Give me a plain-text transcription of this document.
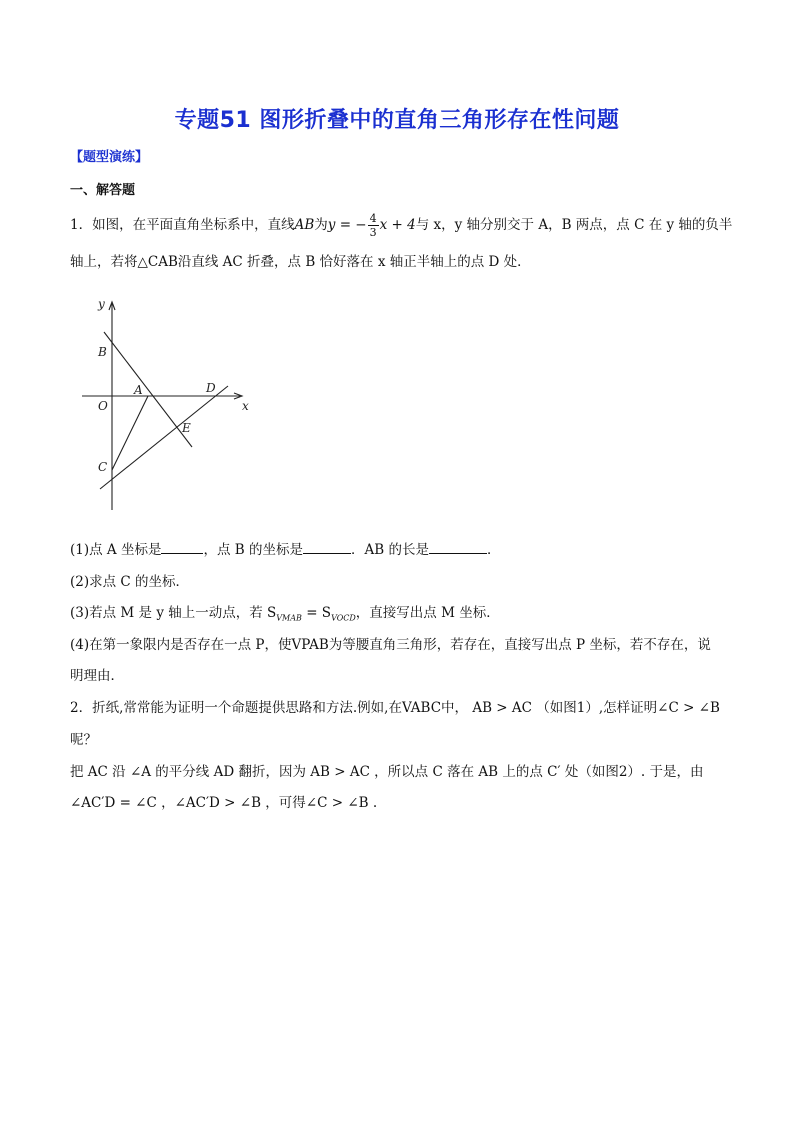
专题51 图形折叠中的直角三角形存在性问题
【题型演练】
一、解答题
1．如图，在平面直角坐标系中，直线AB为y = − $\frac{4}{3}$ x + 4与 x，y 轴分别交于 A，B 两点，点 C 在 y 轴的负半
轴上，若将△CAB沿直线 AC 折叠，点 B 恰好落在 x 轴正半轴上的点 D 处．
y
x
B
A	D
O
E
C
(1)点 A 坐标是	，点 B 的坐标是	．AB 的长是	．
(2)求点 C 的坐标．
(3)若点 M 是 y 轴上一动点，若 $S_{VMAB} = S_{VOCD}$，直接写出点 M 坐标．
(4)在第一象限内是否存在一点 P，使VPAB为等腰直角三角形，若存在，直接写出点 P 坐标，若不存在，说
明理由．
2．折纸,常常能为证明一个命题提供思路和方法.例如,在VABC中， AB > AC （如图1）,怎样证明∠C > ∠B
呢？
把 AC 沿 ∠A 的平分线 AD 翻折，因为 AB > AC ，所以点 C 落在 AB 上的点 C′ 处（如图2）. 于是，由
∠AC′D = ∠C ，∠AC′D > ∠B ，可得∠C > ∠B .
